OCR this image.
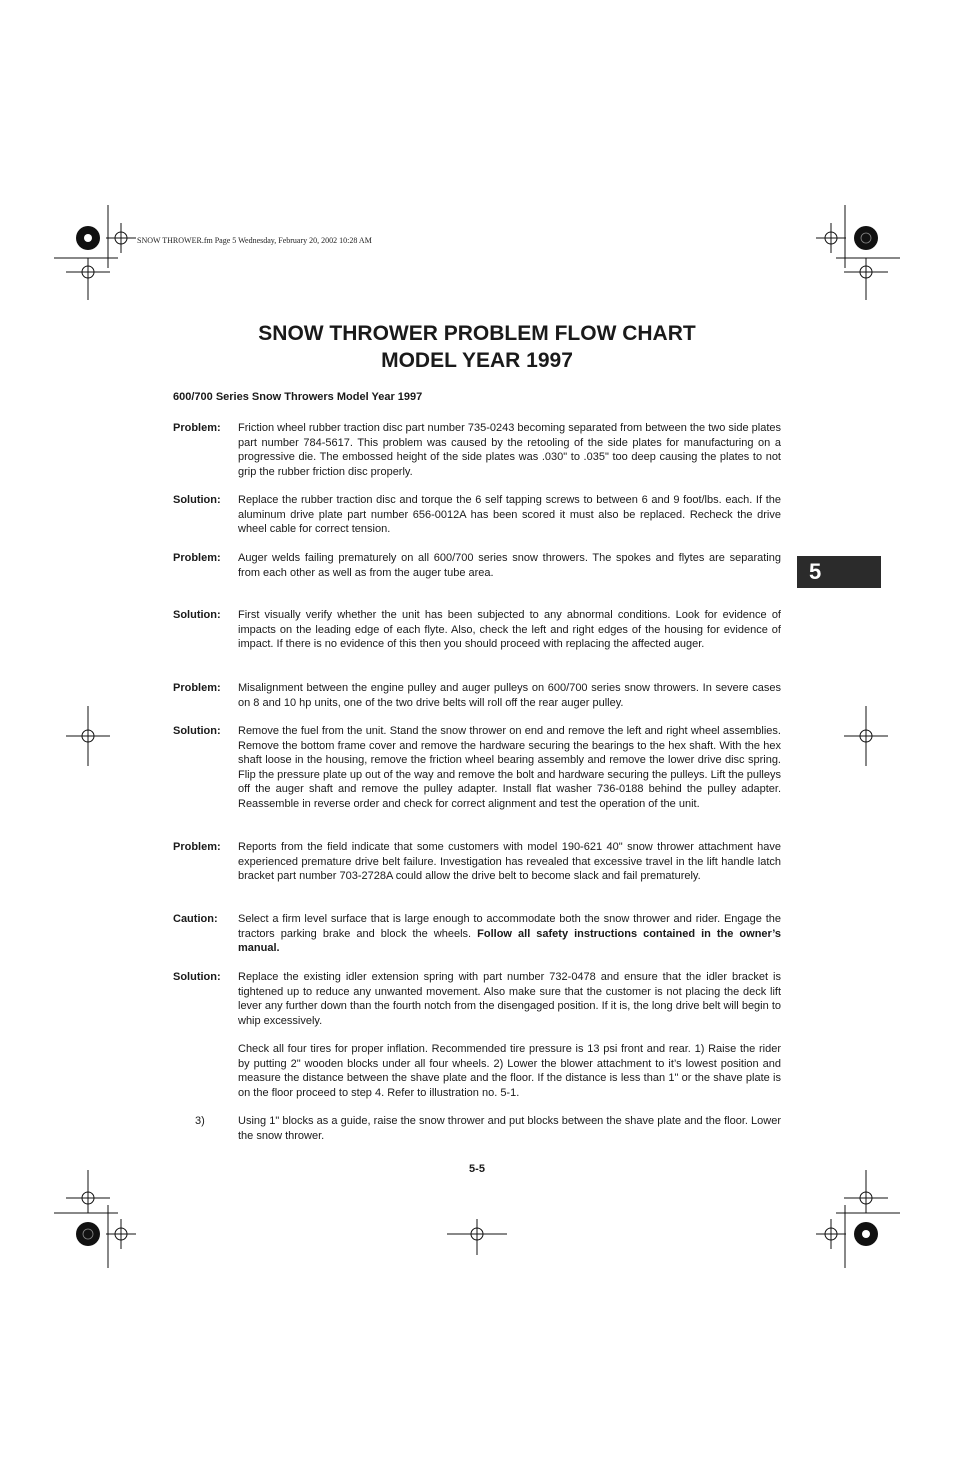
SNOW THROWER.fm Page 5 Wednesday, February 20, 2002 10:28 AM
SNOW THROWER PROBLEM FLOW CHART
MODEL YEAR 1997
600/700 Series Snow Throwers Model Year 1997
5
Problem: Friction wheel rubber traction disc part number 735-0243 becoming separated from between the two side plates part number 784-5617. This problem was caused by the retooling of the side plates for manufacturing on a progressive die. The embossed height of the side plates was .030" to .035" too deep causing the plates to not grip the rubber friction disc properly.
Solution: Replace the rubber traction disc and torque the 6 self tapping screws to between 6 and 9 foot/lbs. each. If the aluminum drive plate part number 656-0012A has been scored it must also be replaced. Recheck the drive wheel cable for correct tension.
Problem: Auger welds failing prematurely on all 600/700 series snow throwers. The spokes and flytes are separating from each other as well as from the auger tube area.
Solution: First visually verify whether the unit has been subjected to any abnormal conditions. Look for evidence of impacts on the leading edge of each flyte. Also, check the left and right edges of the housing for evidence of impact. If there is no evidence of this then you should proceed with replacing the affected auger.
Problem: Misalignment between the engine pulley and auger pulleys on 600/700 series snow throwers. In severe cases on 8 and 10 hp units, one of the two drive belts will roll off the rear auger pulley.
Solution: Remove the fuel from the unit. Stand the snow thrower on end and remove the left and right wheel assemblies. Remove the bottom frame cover and remove the hardware securing the bearings to the hex shaft. With the hex shaft loose in the housing, remove the friction wheel bearing assembly and remove the lower drive disc spring. Flip the pressure plate up out of the way and remove the bolt and hardware securing the pulleys. Lift the pulleys off the auger shaft and remove the pulley adapter. Install flat washer 736-0188 behind the pulley adapter. Reassemble in reverse order and check for correct alignment and test the operation of the unit.
Problem: Reports from the field indicate that some customers with model 190-621 40" snow thrower attachment have experienced premature drive belt failure. Investigation has revealed that excessive travel in the lift handle latch bracket part number 703-2728A could allow the drive belt to become slack and fail prematurely.
Caution: Select a firm level surface that is large enough to accommodate both the snow thrower and rider. Engage the tractors parking brake and block the wheels. Follow all safety instructions contained in the owner’s manual.
Solution: Replace the existing idler extension spring with part number 732-0478 and ensure that the idler bracket is tightened up to reduce any unwanted movement. Also make sure that the customer is not placing the deck lift lever any further down than the fourth notch from the disengaged position. If it is, the long drive belt will begin to whip excessively.
Check all four tires for proper inflation. Recommended tire pressure is 13 psi front and rear. 1) Raise the rider by putting 2" wooden blocks under all four wheels. 2) Lower the blower attachment to it’s lowest position and measure the distance between the shave plate and the floor. If the distance is less than 1" or the shave plate is on the floor proceed to step 4. Refer to illustration no. 5-1.
3)	Using 1" blocks as a guide, raise the snow thrower and put blocks between the shave plate and the floor. Lower the snow thrower.
5-5
